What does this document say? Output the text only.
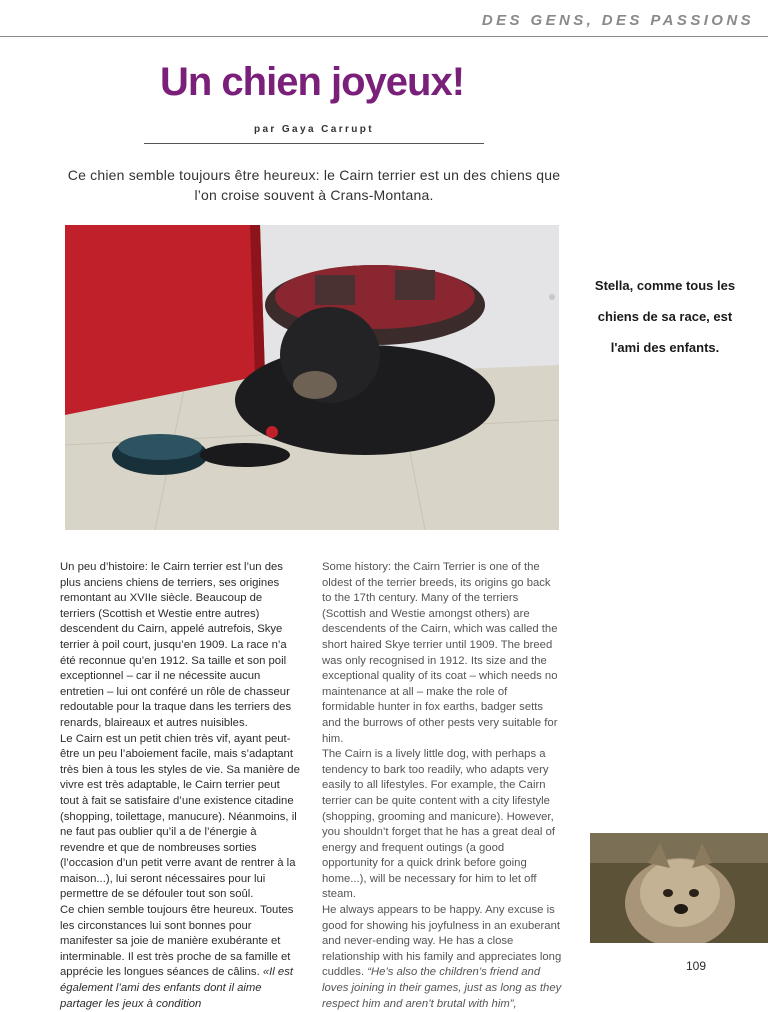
DES GENS, DES PASSIONS
Un chien joyeux!
par Gaya Carrupt
Ce chien semble toujours être heureux: le Cairn terrier est un des chiens que l’on croise souvent à Crans-Montana.
Stella, comme tous les chiens de sa race, est l'ami des enfants.

Un peu d’histoire: le Cairn terrier est l’un des plus anciens chiens de terriers, ses origines remontant au XVIIe siècle. Beaucoup de terriers (Scottish et Westie entre autres) descendent du Cairn, appelé autrefois, Skye terrier à poil court, jusqu’en 1909. La race n’a été reconnue qu’en 1912. Sa taille et son poil exceptionnel – car il ne nécessite aucun entretien – lui ont conféré un rôle de chasseur redoutable pour la traque dans les terriers des renards, blaireaux et autres nuisibles.

Le Cairn est un petit chien très vif, ayant peut-être un peu l’aboiement facile, mais s’adaptant très bien à tous les styles de vie. Sa manière de vivre est très adaptable, le Cairn terrier peut tout à fait se satisfaire d’une existence citadine (shopping, toilettage, manucure). Néanmoins, il ne faut pas oublier qu’il a de l’énergie à revendre et que de nombreuses sorties (l’occasion d’un petit verre avant de rentrer à la maison...), lui seront nécessaires pour lui permettre de se défouler tout son soûl.

Ce chien semble toujours être heureux. Toutes les circonstances lui sont bonnes pour manifester sa joie de manière exubérante et interminable. Il est très proche de sa famille et apprécie les longues séances de câlins. «Il est également l’ami des enfants dont il aime partager les jeux à condition

Some history: the Cairn Terrier is one of the oldest of the terrier breeds, its origins go back to the 17th century. Many of the terriers (Scottish and Westie amongst others) are descendents of the Cairn, which was called the short haired Skye terrier until 1909. The breed was only recognised in 1912. Its size and the exceptional quality of its coat – which needs no maintenance at all – make the role of formidable hunter in fox earths, badger setts and the burrows of other pests very suitable for him.

The Cairn is a lively little dog, with perhaps a tendency to bark too readily, who adapts very easily to all lifestyles. For example, the Cairn terrier can be quite content with a city lifestyle (shopping, grooming and manicure). However, you shouldn’t forget that he has a great deal of energy and frequent outings (a good opportunity for a quick drink before going home...), will be necessary for him to let off steam.

He always appears to be happy. Any excuse is good for showing his joyfulness in an exuberant and never-ending way. He has a close relationship with his family and appreciates long cuddles. “He’s also the children’s friend and loves joining in their games, just as long as they respect him and aren’t brutal with him”,

109
